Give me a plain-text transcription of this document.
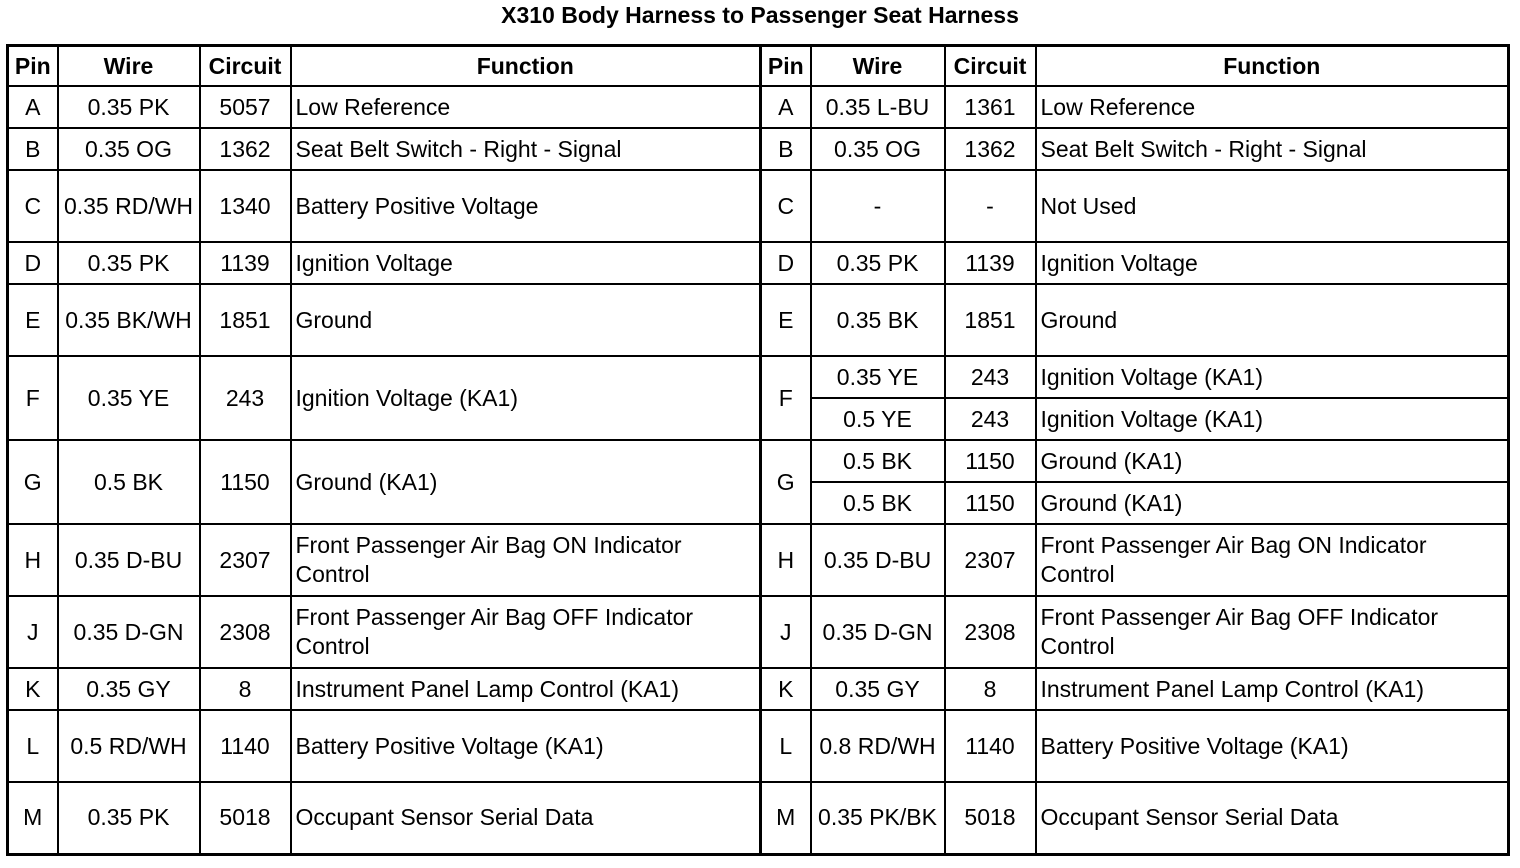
X310 Body Harness to Passenger Seat Harness
Pin	Wire	Circuit	Function	Pin	Wire	Circuit	Function
A	0.35 PK	5057	Low Reference	A	0.35 L-BU	1361	Low Reference
B	0.35 OG	1362	Seat Belt Switch - Right - Signal	B	0.35 OG	1362	Seat Belt Switch - Right - Signal
C	0.35 RD/WH	1340	Battery Positive Voltage	C	-	-	Not Used
D	0.35 PK	1139	Ignition Voltage	D	0.35 PK	1139	Ignition Voltage
E	0.35 BK/WH	1851	Ground	E	0.35 BK	1851	Ground
F	0.35 YE	243	Ignition Voltage (KA1)	F	0.35 YE	243	Ignition Voltage (KA1)
					0.5 YE	243	Ignition Voltage (KA1)
G	0.5 BK	1150	Ground (KA1)	G	0.5 BK	1150	Ground (KA1)
					0.5 BK	1150	Ground (KA1)
H	0.35 D-BU	2307	Front Passenger Air Bag ON Indicator Control	H	0.35 D-BU	2307	Front Passenger Air Bag ON Indicator Control
J	0.35 D-GN	2308	Front Passenger Air Bag OFF Indicator Control	J	0.35 D-GN	2308	Front Passenger Air Bag OFF Indicator Control
K	0.35 GY	8	Instrument Panel Lamp Control (KA1)	K	0.35 GY	8	Instrument Panel Lamp Control (KA1)
L	0.5 RD/WH	1140	Battery Positive Voltage (KA1)	L	0.8 RD/WH	1140	Battery Positive Voltage (KA1)
M	0.35 PK	5018	Occupant Sensor Serial Data	M	0.35 PK/BK	5018	Occupant Sensor Serial Data
